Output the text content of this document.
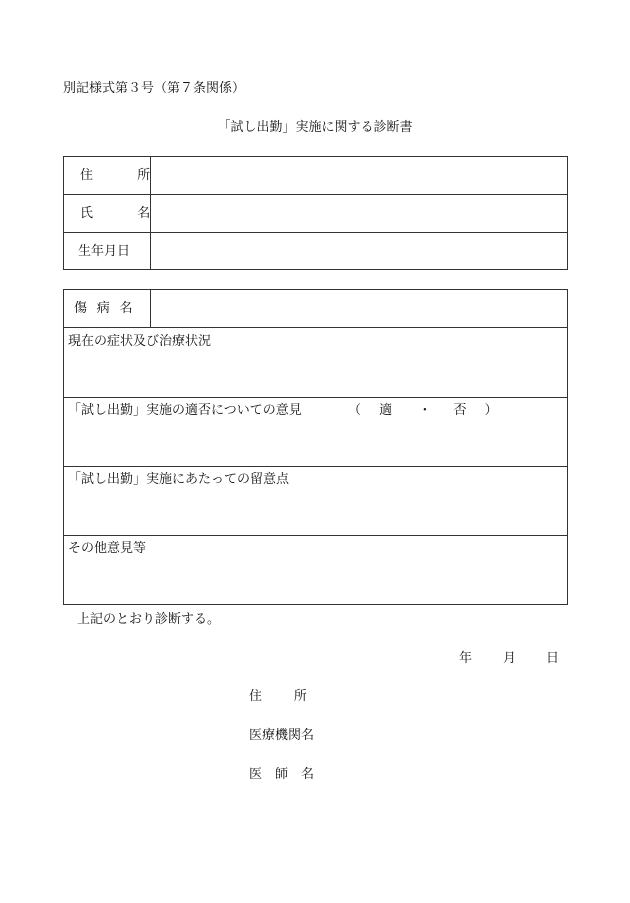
別記様式第３号（第７条関係）
「試し出勤」実施に関する診断書
住　所
氏　名
生年月日
傷病名
現在の症状及び治療状況
「試し出勤」実施の適否についての意見	（ 適 ・ 否 ）
「試し出勤」実施にあたっての留意点
その他意見等
上記のとおり診断する。
年 月 日
住　　所
医療機関名
医　師　名
